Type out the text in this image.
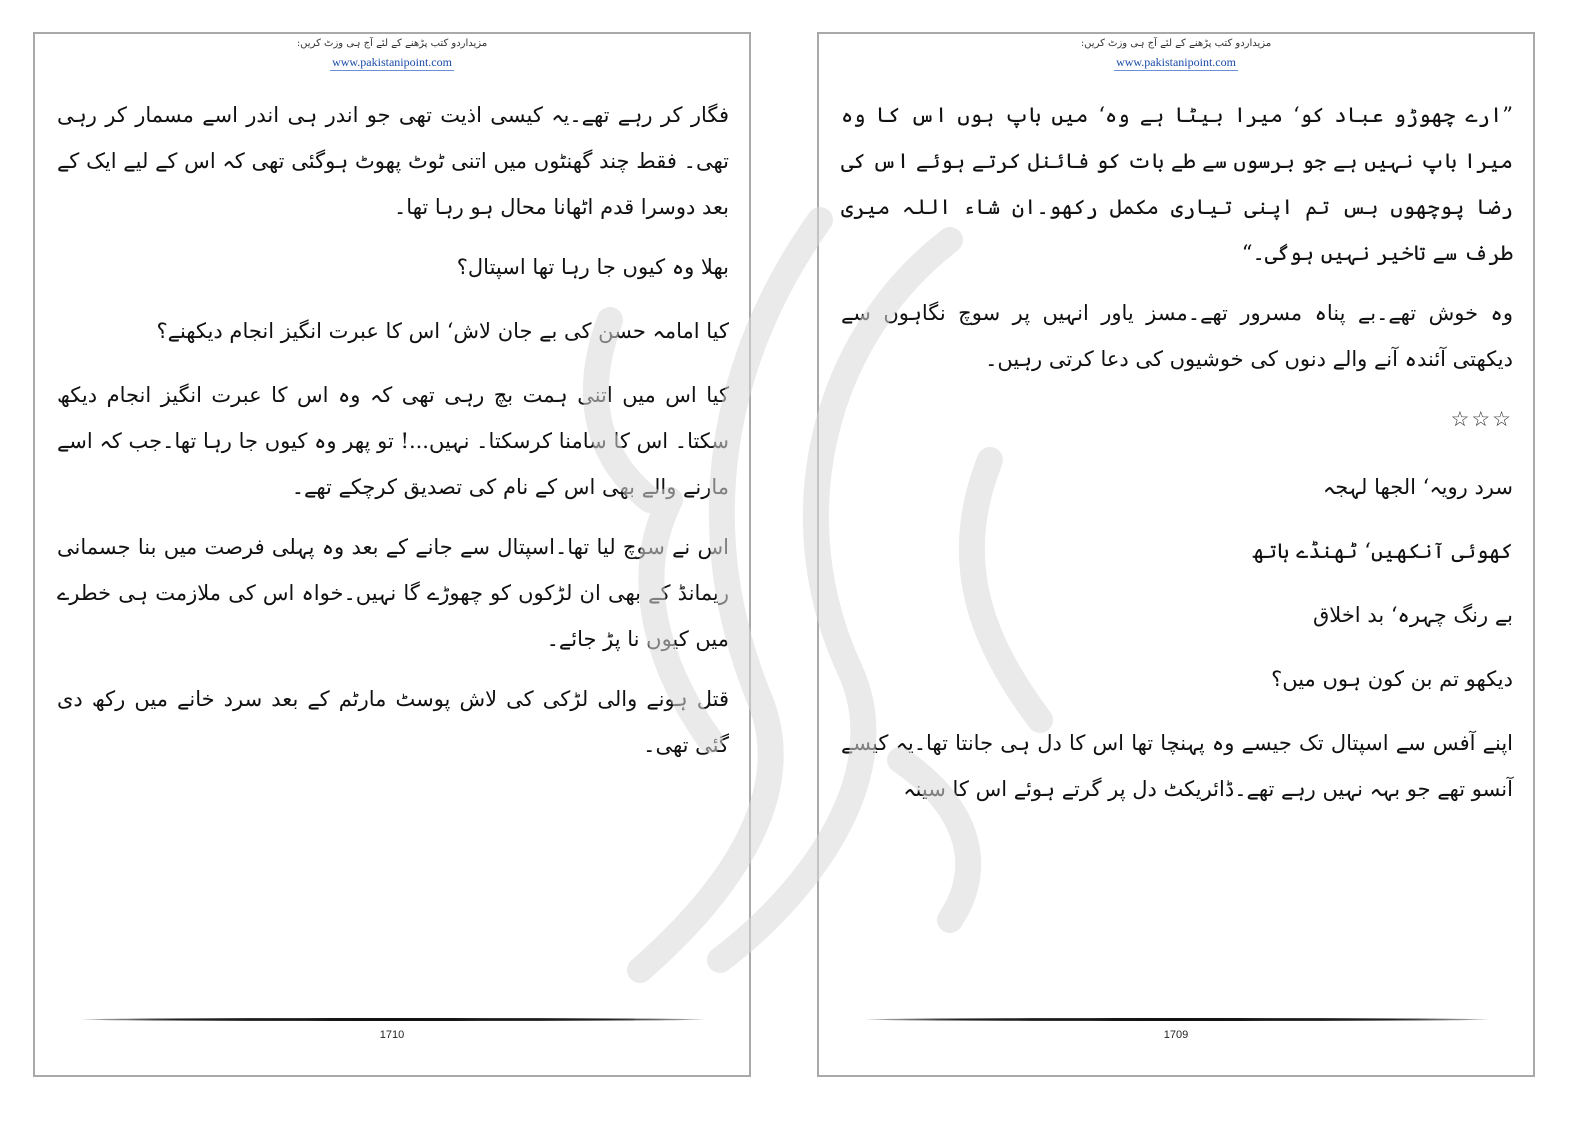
مزیداردو کتب پڑھنے کے لئے آج ہی وزٹ کریں:
www.pakistanipoint.com

فگار کر رہے تھے۔یہ کیسی اذیت تھی جو اندر ہی اندر اسے مسمار کر رہی تھی۔ فقط چند گھنٹوں میں اتنی ٹوٹ پھوٹ ہوگئی تھی کہ اس کے لیے ایک کے بعد دوسرا قدم اٹھانا محال ہو رہا تھا۔

بھلا وہ کیوں جا رہا تھا اسپتال؟

کیا امامہ حسن کی بے جان لاش‘ اس کا عبرت انگیز انجام دیکھنے؟

کیا اس میں اتنی ہمت بچ رہی تھی کہ وہ اس کا عبرت انگیز انجام دیکھ سکتا۔ اس کا سامنا کرسکتا۔ نہیں...! تو پھر وہ کیوں جا رہا تھا۔جب کہ اسے مارنے والے بھی اس کے نام کی تصدیق کرچکے تھے۔

اس نے سوچ لیا تھا۔اسپتال سے جانے کے بعد وہ پہلی فرصت میں بنا جسمانی ریمانڈ کے بھی ان لڑکوں کو چھوڑے گا نہیں۔خواہ اس کی ملازمت ہی خطرے میں کیوں نا پڑ جائے۔

قتل ہونے والی لڑکی کی لاش پوسٹ مارٹم کے بعد سرد خانے میں رکھ دی گئی تھی۔

1710
مزیداردو کتب پڑھنے کے لئے آج ہی وزٹ کریں:
www.pakistanipoint.com

”ارے چھوڑو عباد کو‘ میرا بیٹا ہے وہ‘ میں باپ ہوں اس کا وہ میرا باپ نہیں ہے جو برسوں سے طے بات کو فائنل کرتے ہوئے اس کی رضا پوچھوں بس تم اپنی تیاری مکمل رکھو۔ان شاء اللہ میری طرف سے تاخیر نہیں ہوگی۔“

وہ خوش تھے۔بے پناہ مسرور تھے۔مسز یاور انہیں پر سوچ نگاہوں سے دیکھتی آئندہ آنے والے دنوں کی خوشیوں کی دعا کرتی رہیں۔

☆☆☆

سرد رویہ‘ الجھا لہجہ

کھوئی آنکھیں‘ ٹھنڈے ہاتھ

بے رنگ چہرہ‘ بد اخلاق

دیکھو تم بن کون ہوں میں؟

اپنے آفس سے اسپتال تک جیسے وہ پہنچا تھا اس کا دل ہی جانتا تھا۔یہ کیسے آنسو تھے جو بہہ نہیں رہے تھے۔ڈائریکٹ دل پر گرتے ہوئے اس کا سینہ

1709
